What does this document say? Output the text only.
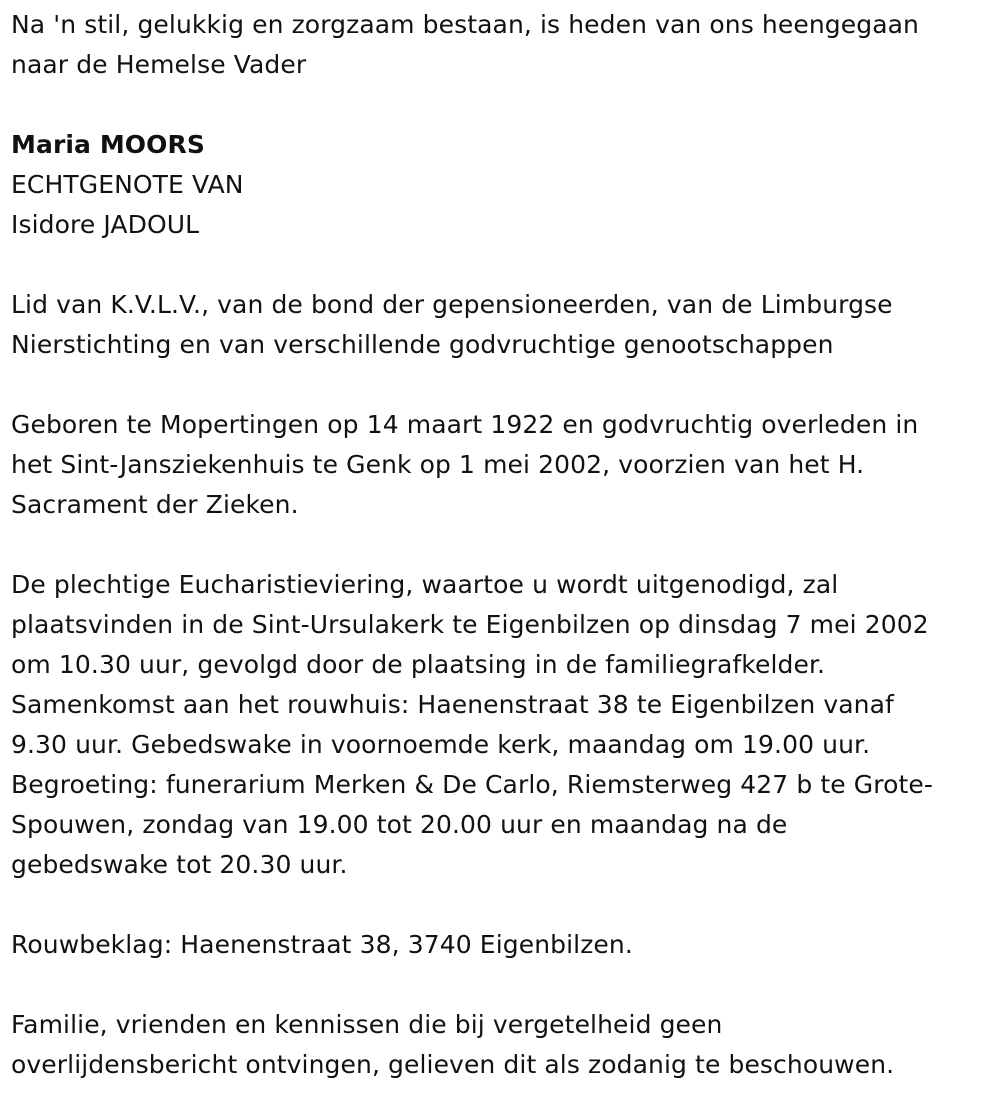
Na 'n stil, gelukkig en zorgzaam bestaan, is heden van ons heengegaan
naar de Hemelse Vader
Maria MOORS
ECHTGENOTE VAN
Isidore JADOUL
Lid van K.V.L.V., van de bond der gepensioneerden, van de Limburgse
Nierstichting en van verschillende godvruchtige genootschappen
Geboren te Mopertingen op 14 maart 1922 en godvruchtig overleden in
het Sint-Jansziekenhuis te Genk op 1 mei 2002, voorzien van het H.
Sacrament der Zieken.
De plechtige Eucharistieviering, waartoe u wordt uitgenodigd, zal
plaatsvinden in de Sint-Ursulakerk te Eigenbilzen op dinsdag 7 mei 2002
om 10.30 uur, gevolgd door de plaatsing in de familiegrafkelder.
Samenkomst aan het rouwhuis: Haenenstraat 38 te Eigenbilzen vanaf
9.30 uur. Gebedswake in voornoemde kerk, maandag om 19.00 uur.
Begroeting: funerarium Merken & De Carlo, Riemsterweg 427 b te Grote-
Spouwen, zondag van 19.00 tot 20.00 uur en maandag na de
gebedswake tot 20.30 uur.
Rouwbeklag: Haenenstraat 38, 3740 Eigenbilzen.
Familie, vrienden en kennissen die bij vergetelheid geen
overlijdensbericht ontvingen, gelieven dit als zodanig te beschouwen.
